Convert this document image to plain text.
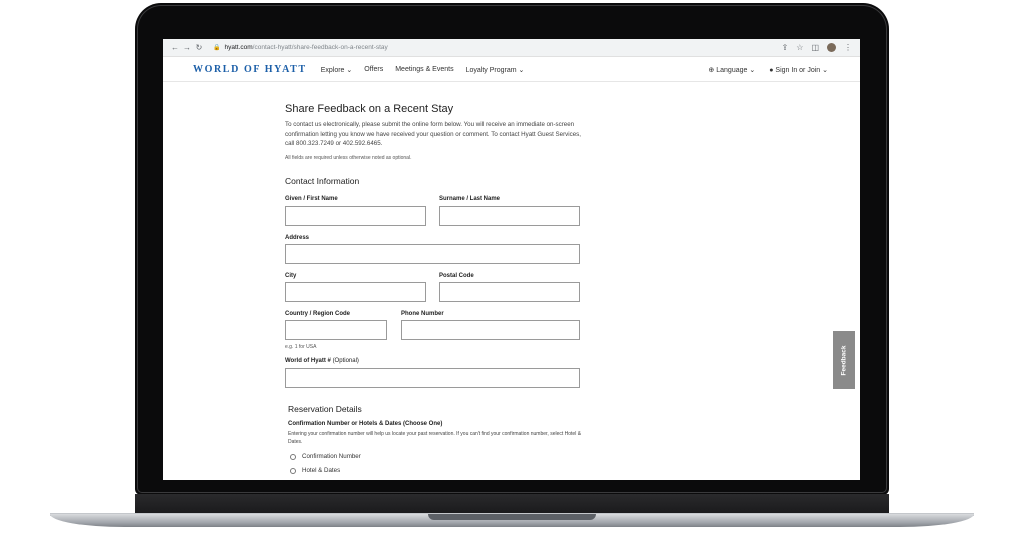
← → ↻	🔒 hyatt.com /contact-hyatt/share-feedback-on-a-recent-stay	⇪ ☆ ◫	⋮
WORLD OF HYATT Explore ⌄ Offers Meetings & Events Loyalty Program ⌄	⊕ Language ⌄ ● Sign In or Join ⌄
Share Feedback on a Recent Stay
To contact us electronically, please submit the online form below. You will receive an immediate on-screen confirmation letting you know we have received your question or comment. To contact Hyatt Guest Services, call 800.323.7249 or 402.592.6465.
All fields are required unless otherwise noted as optional.
Contact Information
Given / First Name	Surname / Last Name
Address
City	Postal Code
Country / Region Code	Phone Number
e.g. 1 for USA
World of Hyatt # (Optional)
Reservation Details
Confirmation Number or Hotels & Dates (Choose One)
Entering your confirmation number will help us locate your past reservation. If you can't find your confirmation number, select Hotel & Dates.
Confirmation Number
Hotel & Dates
Feedback
